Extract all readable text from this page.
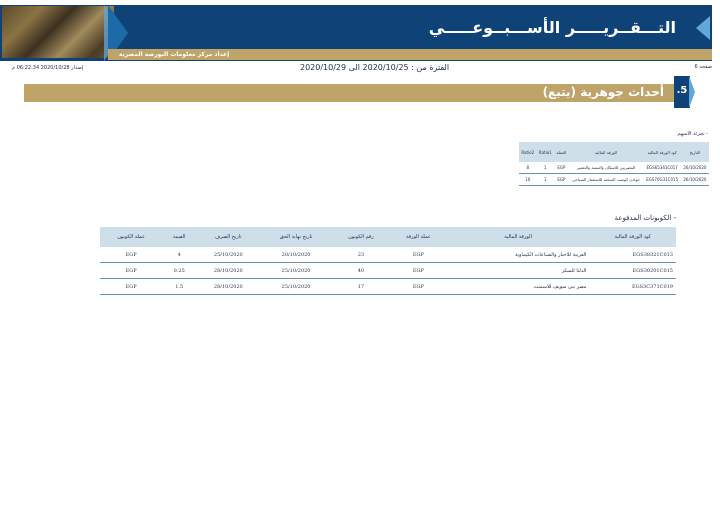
التـــقــريـــــر الأســـبــوعـــــي
إعداد مركز معلومات البورصة المصرية
صفحة 6
الفترة من : 2020/10/25 الى 2020/10/29
إصدار 2020/10/28 06:22:34 م
أحداث جوهرية (يتبع) .5
- تجزئة الاسهم
التاريخ	كود الورقة المالية	الورقة المالية	العملة	Ratio1	Ratio2
26/10/2020	EGS65341C017	المصريين للاسكان والتنمية والتعمير	EGP	1	8
26/10/2020	EGS70G31C015	جولدن كوست السخنة للاستثمار السياحي	EGP	1	10
- الكوبونات المدفوعة
كود الورقة المالية	الورقة المالية	عملة الورقة	رقم الكوبون	تاريخ نهاية الحق	تاريخ الصرف	القيمة	عملة الكوبون
EGS38321C013	العربية للاحبار والصناعات الكيماوية	EGP	23	20/10/2020	25/10/2020	4	EGP
EGS30201C015	الدلتا للسكر	EGP	40	25/10/2020	28/10/2020	0.25	EGP
EGS3C371C019	مصر بنى سويف للاسمنت	EGP	17	25/10/2020	28/10/2020	1.5	EGP
